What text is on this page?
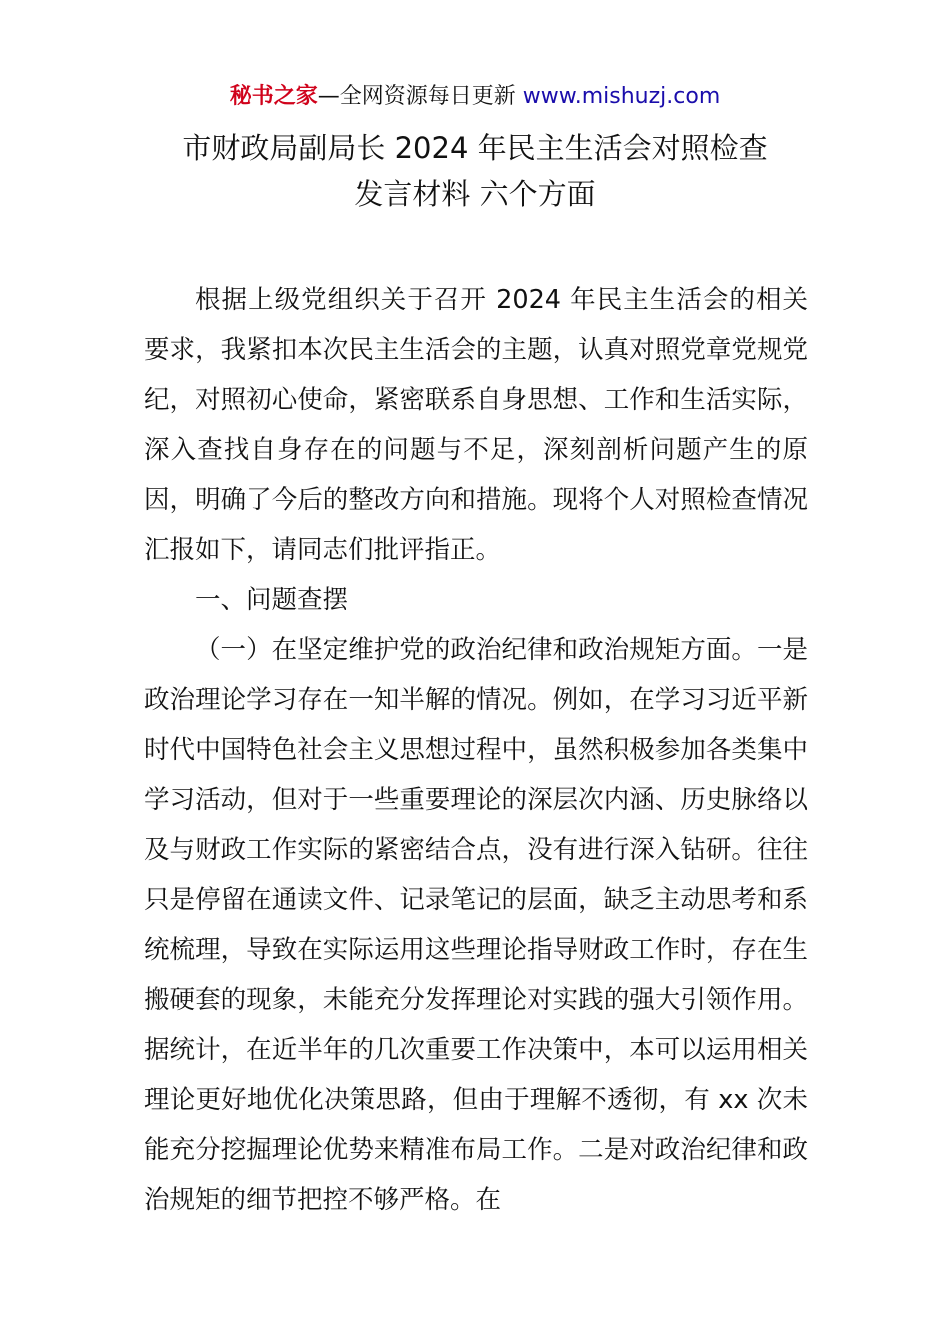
秘书之家—全网资源每日更新 www.mishuzj.com
市财政局副局长 2024 年民主生活会对照检查
发言材料 六个方面

根据上级党组织关于召开 2024 年民主生活会的相关要求，我紧扣本次民主生活会的主题，认真对照党章党规党纪，对照初心使命，紧密联系自身思想、工作和生活实际，深入查找自身存在的问题与不足，深刻剖析问题产生的原因，明确了今后的整改方向和措施。现将个人对照检查情况汇报如下，请同志们批评指正。

一、问题查摆

（一）在坚定维护党的政治纪律和政治规矩方面。一是政治理论学习存在一知半解的情况。例如，在学习习近平新时代中国特色社会主义思想过程中，虽然积极参加各类集中学习活动，但对于一些重要理论的深层次内涵、历史脉络以及与财政工作实际的紧密结合点，没有进行深入钻研。往往只是停留在通读文件、记录笔记的层面，缺乏主动思考和系统梳理，导致在实际运用这些理论指导财政工作时，存在生搬硬套的现象，未能充分发挥理论对实践的强大引领作用。据统计，在近半年的几次重要工作决策中，本可以运用相关理论更好地优化决策思路，但由于理解不透彻，有 xx 次未能充分挖掘理论优势来精准布局工作。二是对政治纪律和政治规矩的细节把控不够严格。在
